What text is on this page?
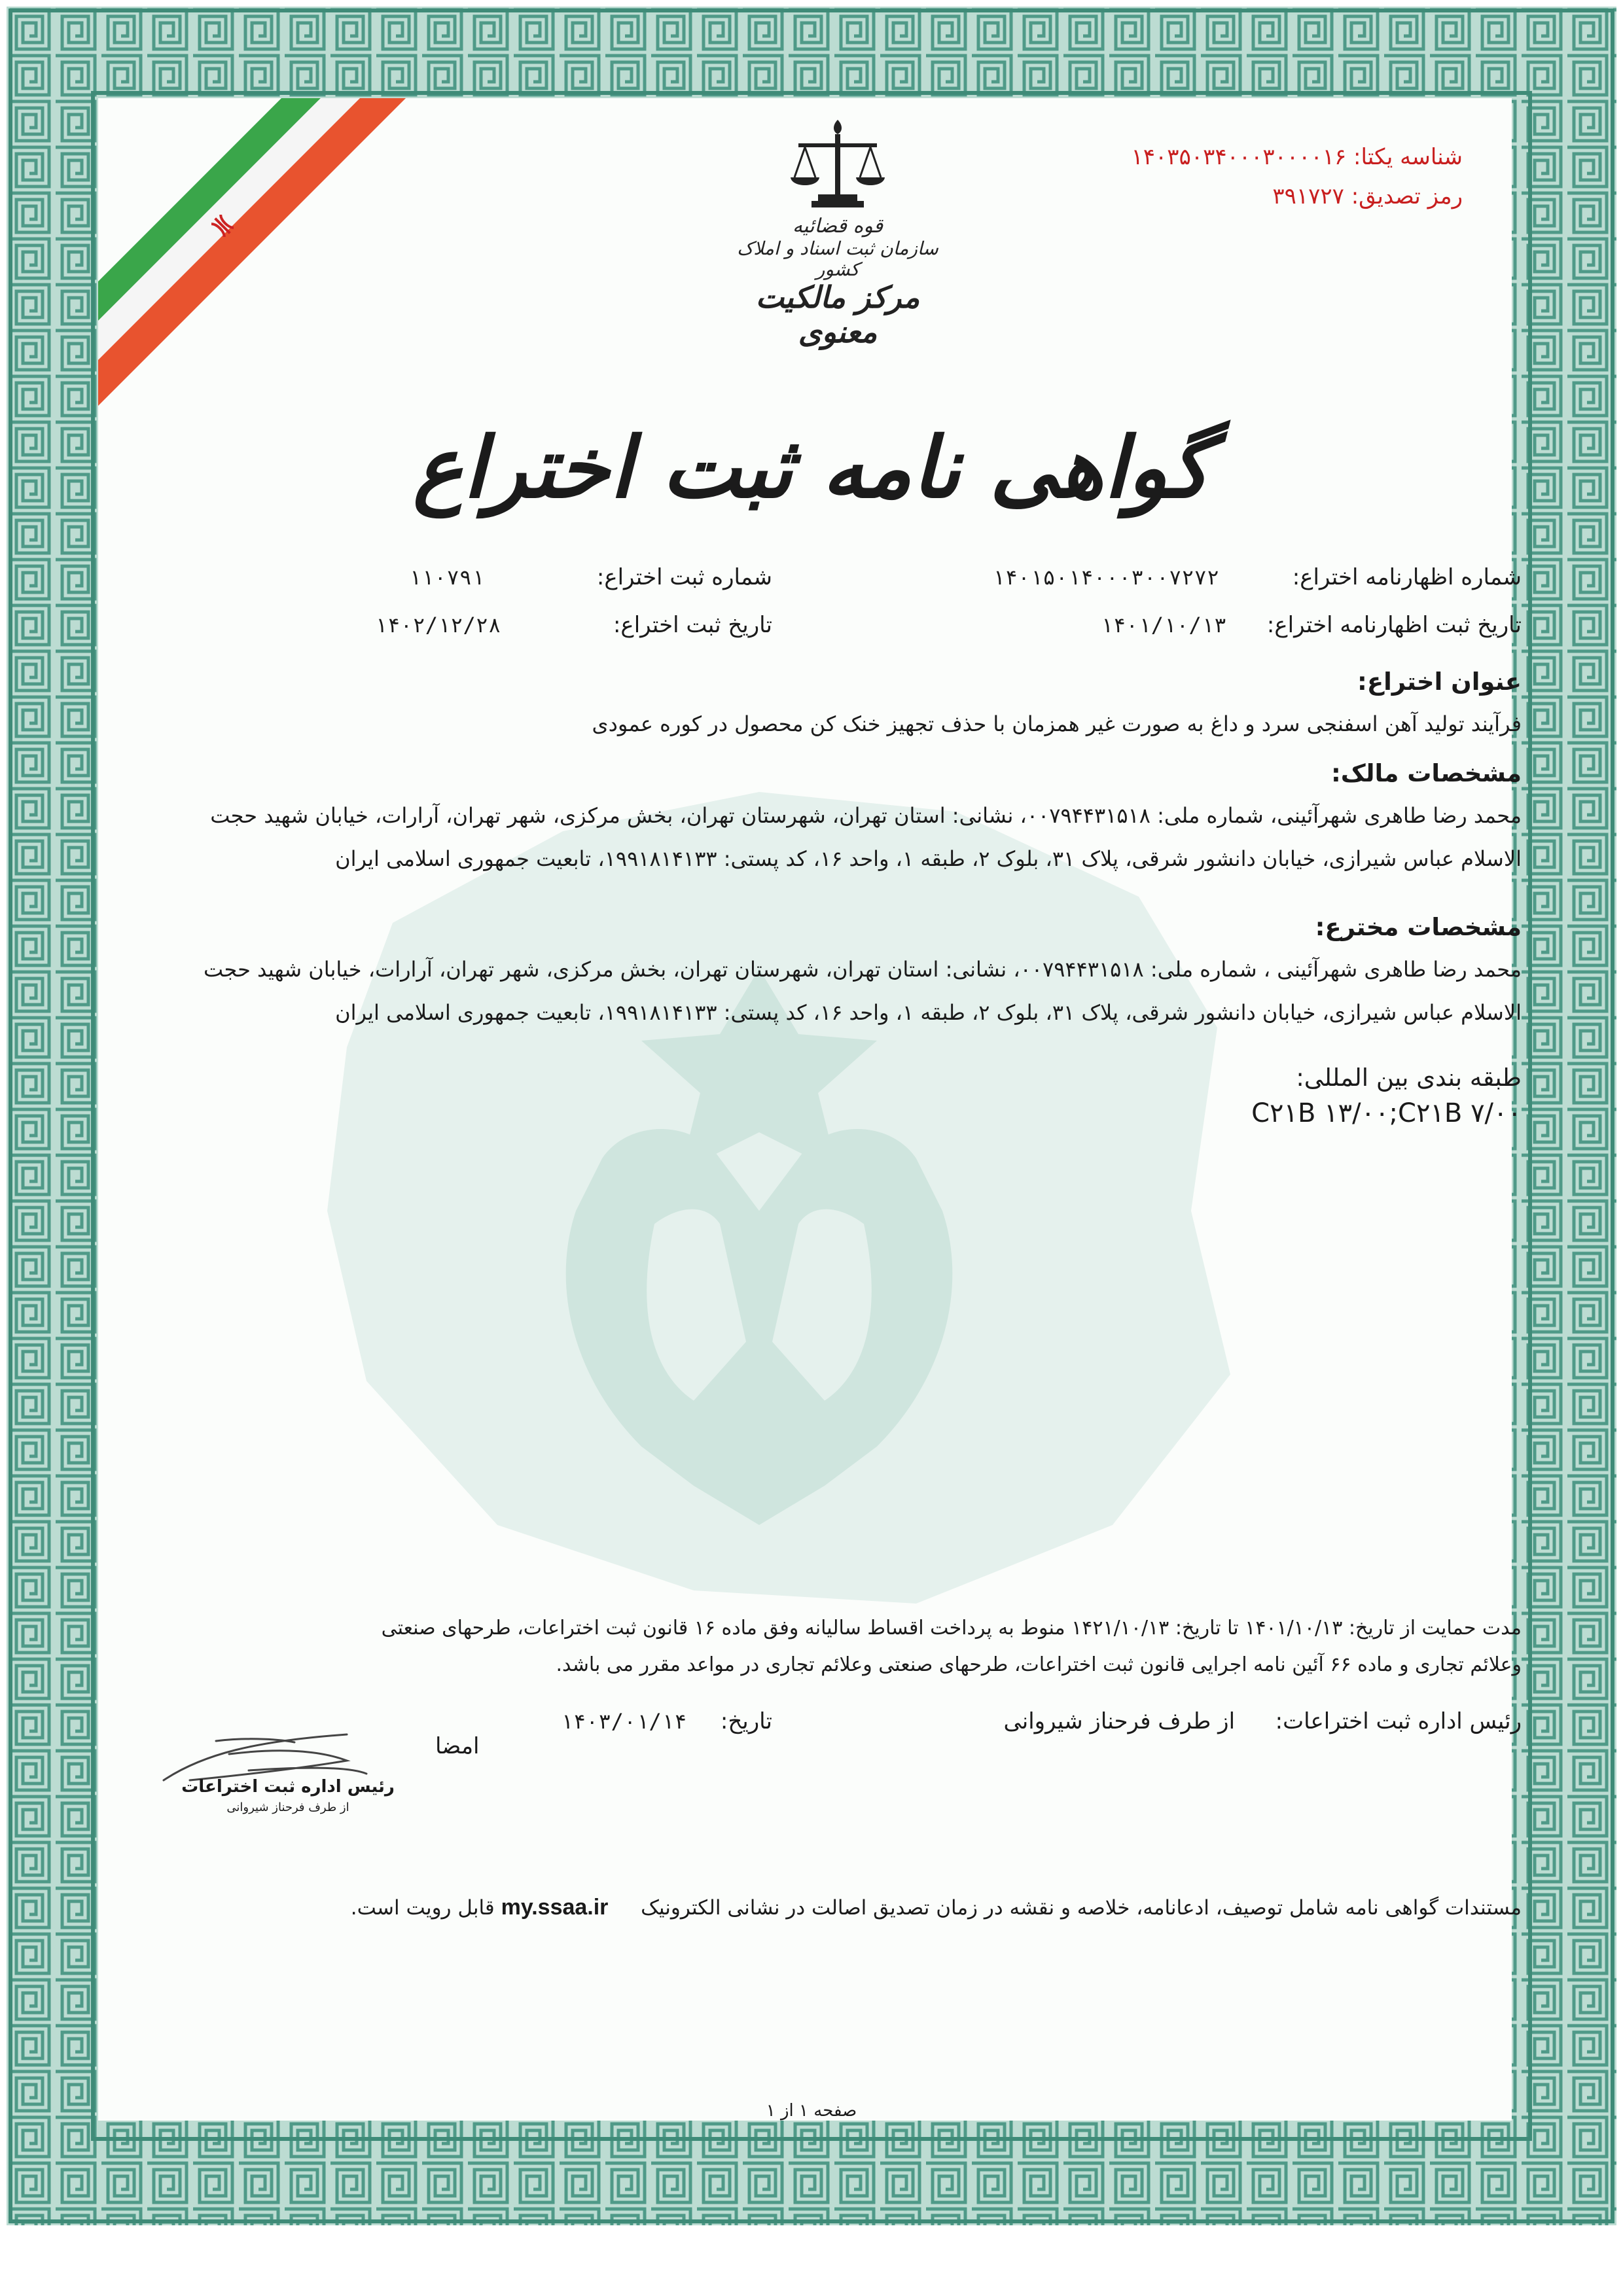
قوه قضائیه
سازمان ثبت اسناد و املاک کشور
مرکز مالکیت معنوی
شناسه یکتا: ۱۴۰۳۵۰۳۴۰۰۰۳۰۰۰۰۱۶
رمز تصدیق: ۳۹۱۷۲۷
گواهی نامه ثبت اختراع
شماره اظهارنامه اختراع:  ۱۴۰۱۵۰۱۴۰۰۰۳۰۰۷۲۷۲
شماره ثبت اختراع:  ۱۱۰۷۹۱
تاریخ ثبت اظهارنامه اختراع:  ۱۴۰۱/۱۰/۱۳
تاریخ ثبت اختراع:  ۱۴۰۲/۱۲/۲۸
عنوان اختراع:
فرآیند تولید آهن اسفنجی سرد و داغ به صورت غیر همزمان با حذف تجهیز خنک کن محصول در کوره عمودی
مشخصات مالک:
محمد رضا طاهری شهرآئینی، شماره ملی: ۰۰۷۹۴۴۳۱۵۱۸، نشانی: استان تهران، شهرستان تهران، بخش مرکزی، شهر تهران، آرارات، خیابان شهید حجت
الاسلام عباس شیرازی، خیابان دانشور شرقی، پلاک ۳۱، بلوک ۲، طبقه ۱، واحد ۱۶، کد پستی: ۱۹۹۱۸۱۴۱۳۳، تابعیت جمهوری اسلامی ایران
مشخصات مخترع:
محمد رضا طاهری شهرآئینی ، شماره ملی: ۰۰۷۹۴۴۳۱۵۱۸، نشانی: استان تهران، شهرستان تهران، بخش مرکزی، شهر تهران، آرارات، خیابان شهید حجت
الاسلام عباس شیرازی، خیابان دانشور شرقی، پلاک ۳۱، بلوک ۲، طبقه ۱، واحد ۱۶، کد پستی: ۱۹۹۱۸۱۴۱۳۳، تابعیت جمهوری اسلامی ایران
طبقه بندی بین المللی:
C۲۱B ۱۳/۰۰;C۲۱B ۷/۰۰
مدت حمایت از تاریخ: ۱۴۰۱/۱۰/۱۳ تا تاریخ: ۱۴۲۱/۱۰/۱۳ منوط به پرداخت اقساط سالیانه وفق ماده ۱۶ قانون ثبت اختراعات، طرحهای صنعتی
وعلائم تجاری و ماده ۶۶ آئین نامه اجرایی قانون ثبت اختراعات، طرحهای صنعتی وعلائم تجاری در مواعد مقرر می باشد.
رئیس اداره ثبت اختراعات:  از طرف فرحناز شیروانی
تاریخ:  ۱۴۰۳/۰۱/۱۴
امضا
رئیس اداره ثبت اختراعات
از طرف فرحناز شیروانی
مستندات گواهی نامه شامل توصیف، ادعانامه، خلاصه و نقشه در زمان تصدیق اصالت در نشانی الکترونیک  my.ssaa.ir قابل رویت است.
صفحه ۱ از ۱
